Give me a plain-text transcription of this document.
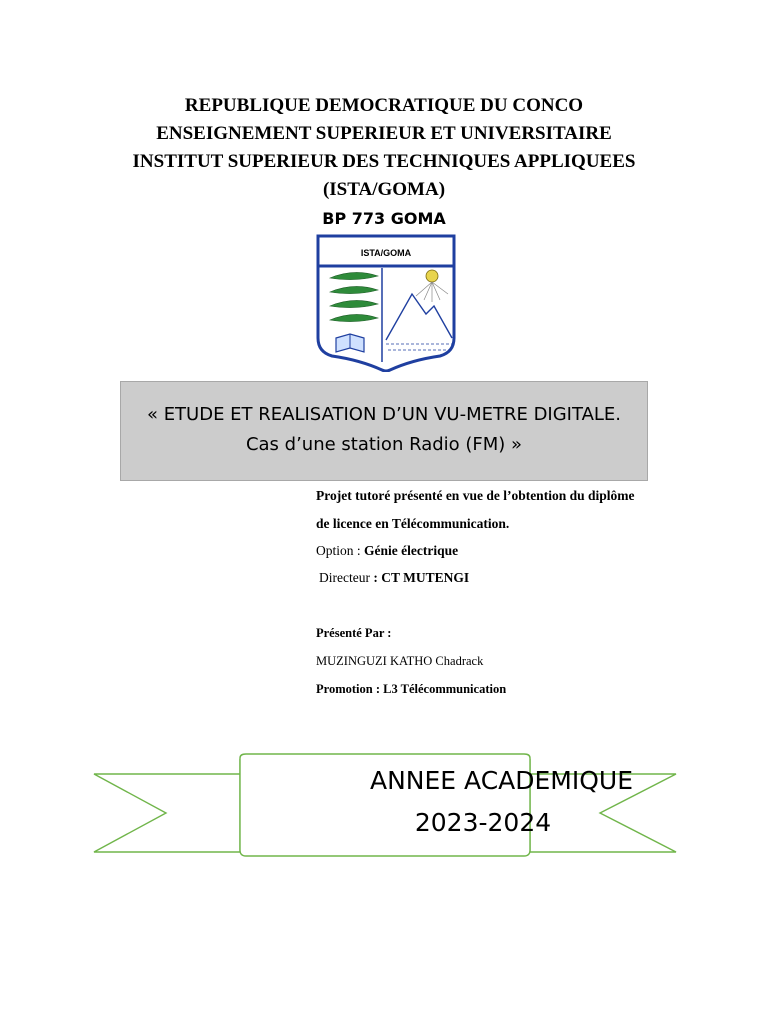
REPUBLIQUE DEMOCRATIQUE DU CONCO
ENSEIGNEMENT SUPERIEUR ET UNIVERSITAIRE
INSTITUT SUPERIEUR DES TECHNIQUES APPLIQUEES
(ISTA/GOMA)
BP 773 GOMA
ISTA/GOMA
« ETUDE ET REALISATION D’UN VU-METRE DIGITALE.
Cas d’une station Radio (FM) »
Projet tutoré présenté en vue de l’obtention du diplôme
de licence en Télécommunication.
Option : Génie électrique
Directeur : CT MUTENGI
Présenté Par :
MUZINGUZI KATHO Chadrack
Promotion : L3 Télécommunication
ANNEE ACADEMIQUE
2023-2024
